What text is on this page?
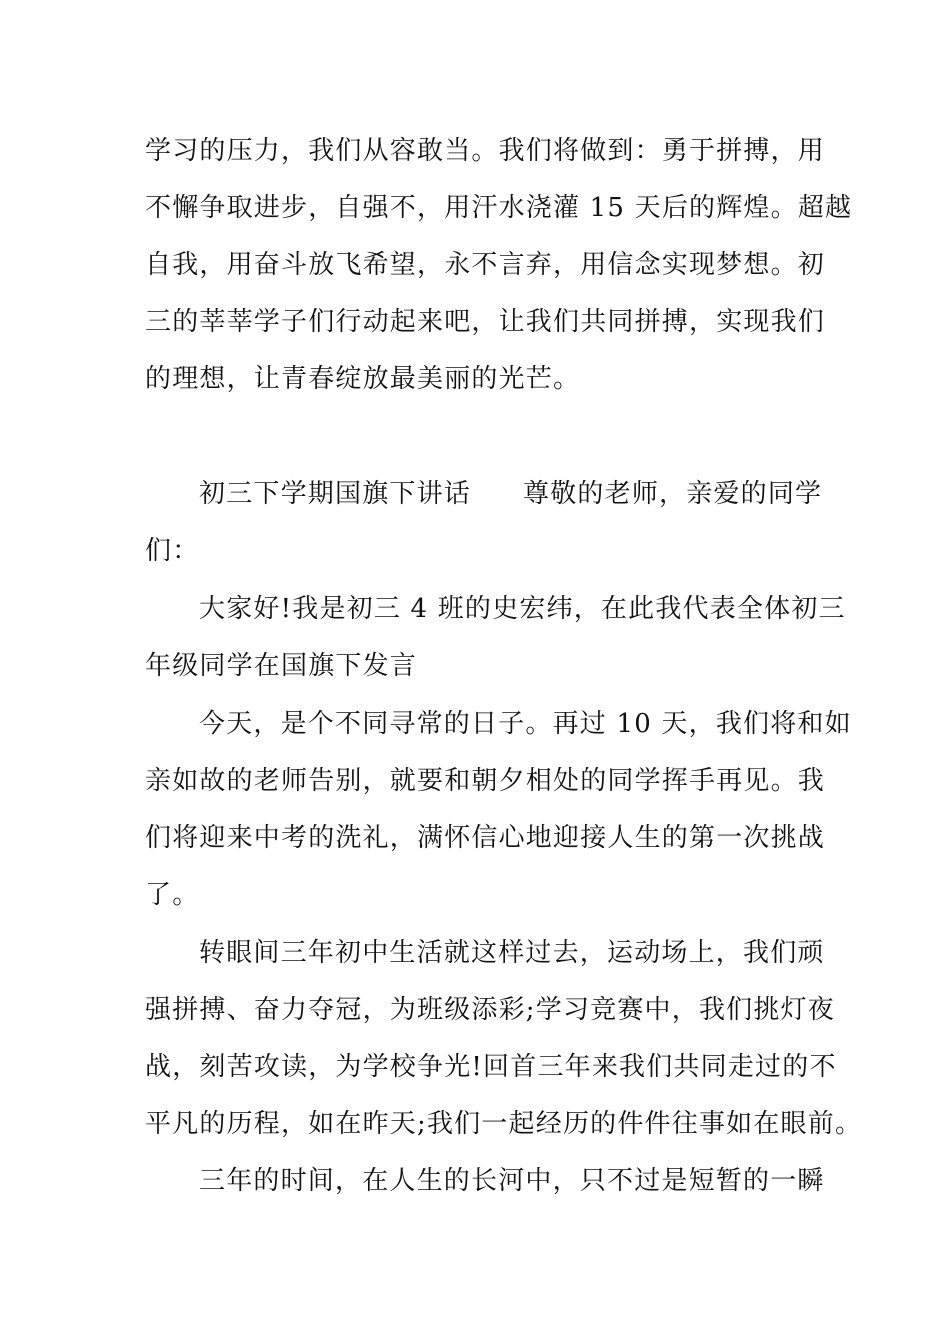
学习的压力，我们从容敢当。我们将做到：勇于拼搏，用
不懈争取进步，自强不，用汗水浇灌 15 天后的辉煌。超越
自我，用奋斗放飞希望，永不言弃，用信念实现梦想。初
三的莘莘学子们行动起来吧，让我们共同拼搏，实现我们
的理想，让青春绽放最美丽的光芒。
初三下学期国旗下讲话 尊敬的老师，亲爱的同学
们：
大家好!我是初三 4 班的史宏纬，在此我代表全体初三
年级同学在国旗下发言
今天，是个不同寻常的日子。再过 10 天，我们将和如
亲如故的老师告别，就要和朝夕相处的同学挥手再见。我
们将迎来中考的洗礼，满怀信心地迎接人生的第一次挑战
了。
转眼间三年初中生活就这样过去，运动场上，我们顽
强拼搏、奋力夺冠，为班级添彩;学习竞赛中，我们挑灯夜
战，刻苦攻读，为学校争光!回首三年来我们共同走过的不
平凡的历程，如在昨天;我们一起经历的件件往事如在眼前。
三年的时间，在人生的长河中，只不过是短暂的一瞬
